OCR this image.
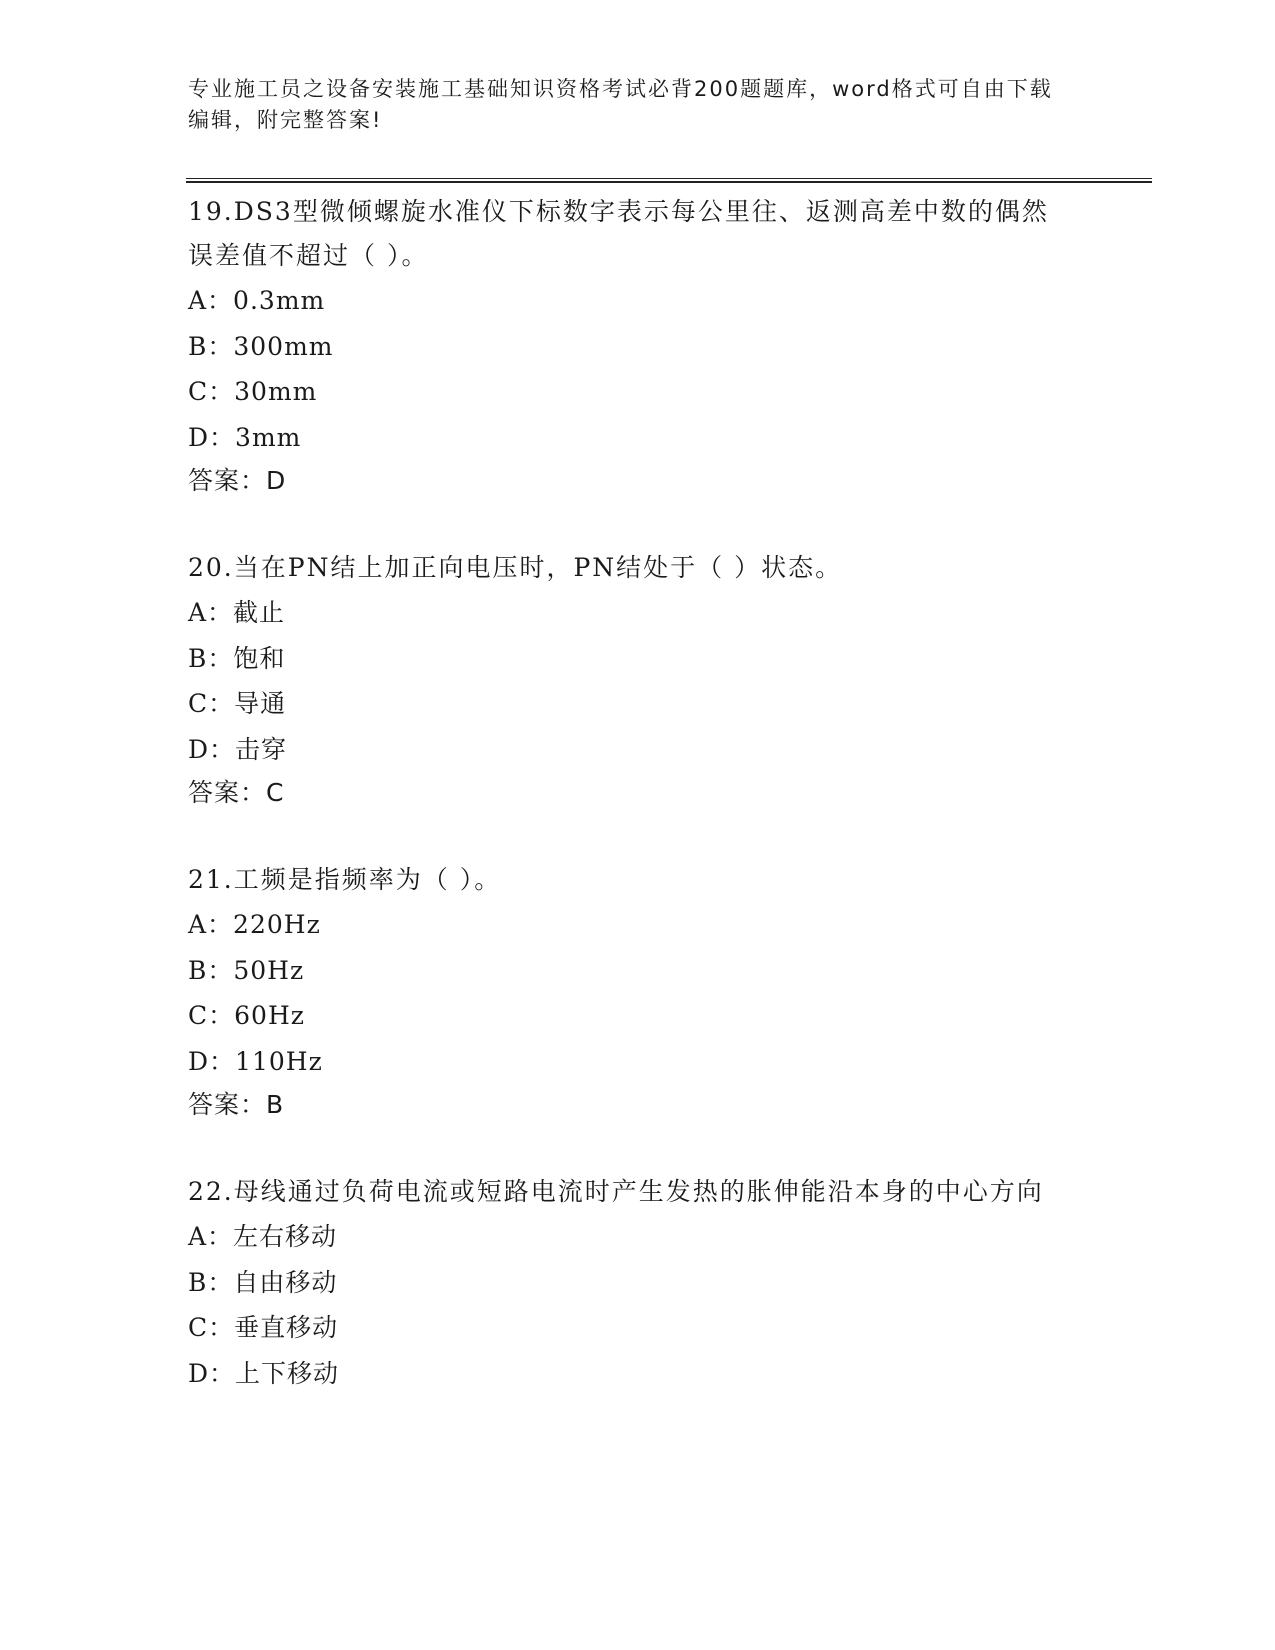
专业施工员之设备安装施工基础知识资格考试必背200题题库，word格式可自由下载编辑，附完整答案!
19.DS3型微倾螺旋水准仪下标数字表示每公里往、返测高差中数的偶然误差值不超过（ ）。
A：0.3mm
B：300mm
C：30mm
D：3mm
答案：D
20.当在PN结上加正向电压时，PN结处于（ ）状态。
A：截止
B：饱和
C：导通
D：击穿
答案：C
21.工频是指频率为（ ）。
A：220Hz
B：50Hz
C：60Hz
D：110Hz
答案：B
22.母线通过负荷电流或短路电流时产生发热的胀伸能沿本身的中心方向
A：左右移动
B：自由移动
C：垂直移动
D：上下移动
